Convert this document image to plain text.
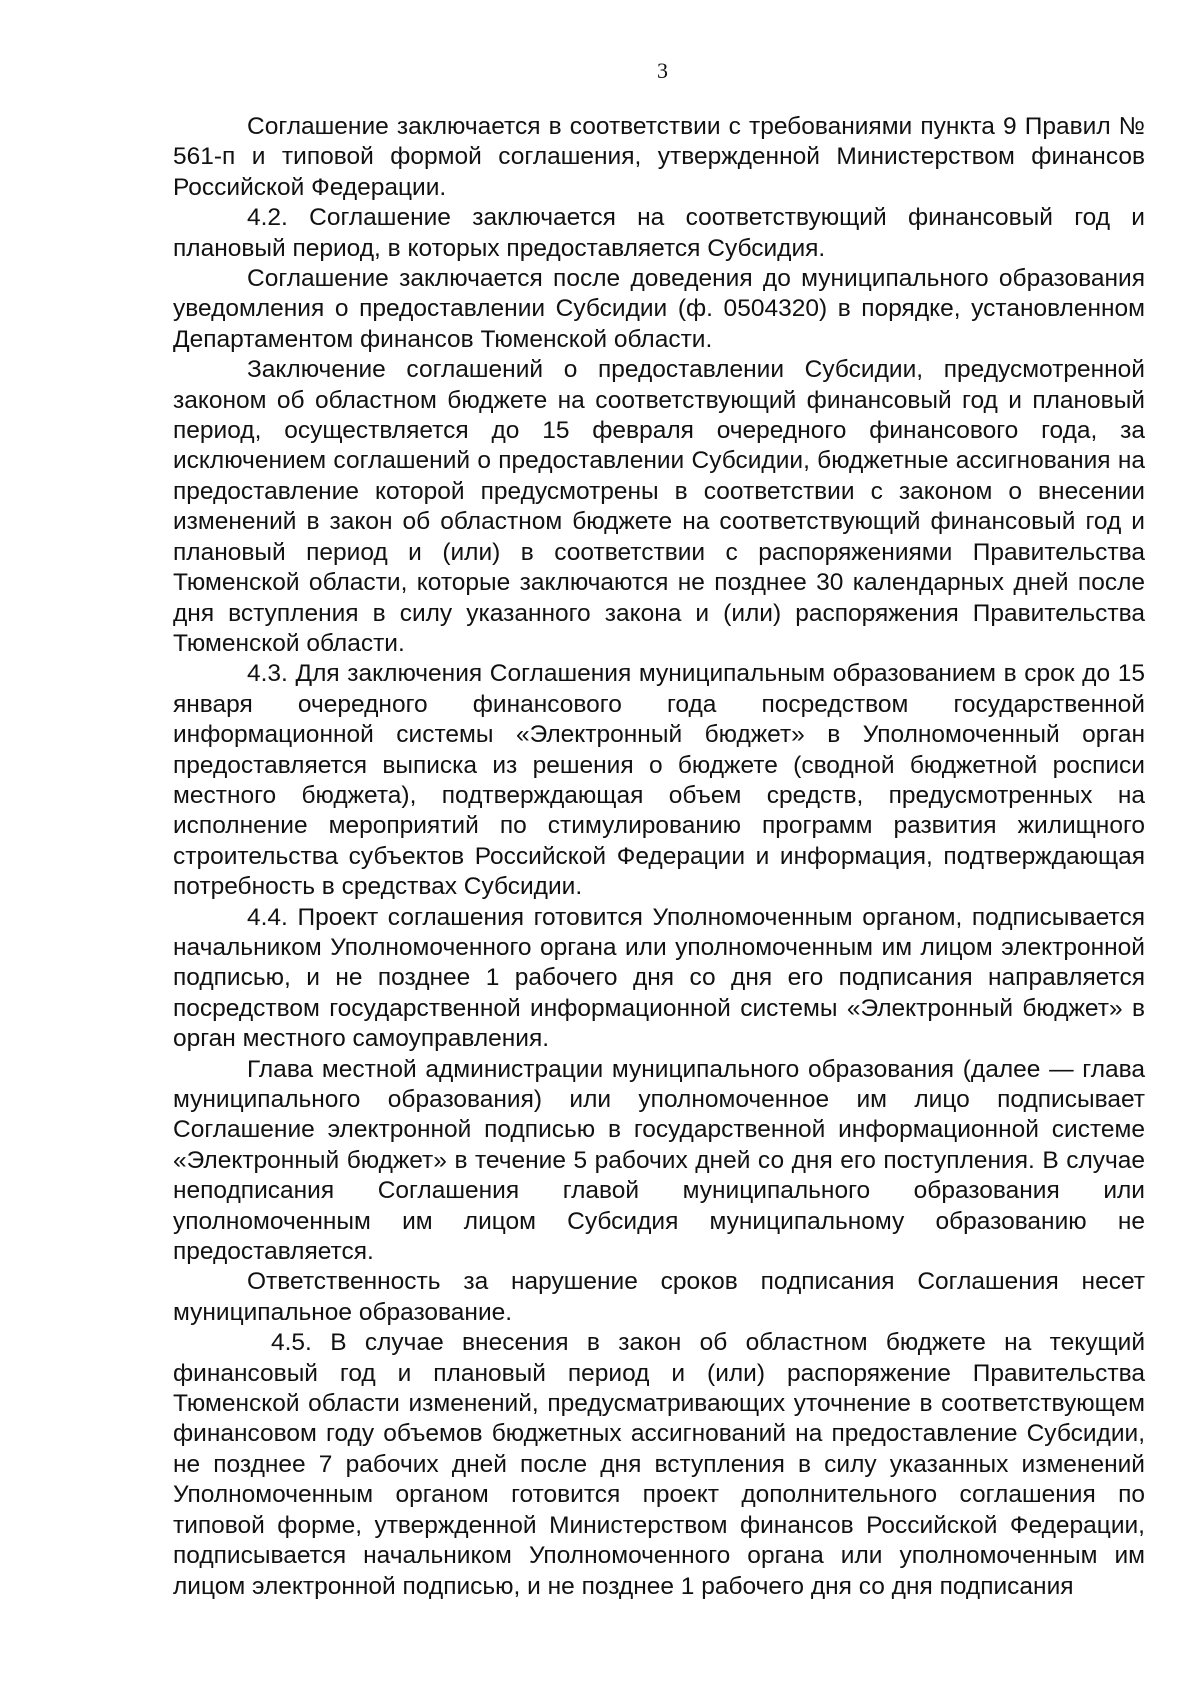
3

Соглашение заключается в соответствии с требованиями пункта 9 Правил № 561-п и типовой формой соглашения, утвержденной Министерством финансов Российской Федерации.

4.2. Соглашение заключается на соответствующий финансовый год и плановый период, в которых предоставляется Субсидия.

Соглашение заключается после доведения до муниципального образования уведомления о предоставлении Субсидии (ф. 0504320) в порядке, установленном Департаментом финансов Тюменской области.

Заключение соглашений о предоставлении Субсидии, предусмотренной законом об областном бюджете на соответствующий финансовый год и плановый период, осуществляется до 15 февраля очередного финансового года, за исключением соглашений о предоставлении Субсидии, бюджетные ассигнования на предоставление которой предусмотрены в соответствии с законом о внесении изменений в закон об областном бюджете на соответствующий финансовый год и плановый период и (или) в соответствии с распоряжениями Правительства Тюменской области, которые заключаются не позднее 30 календарных дней после дня вступления в силу указанного закона и (или) распоряжения Правительства Тюменской области.

4.3. Для заключения Соглашения муниципальным образованием в срок до 15 января очередного финансового года посредством государственной информационной системы «Электронный бюджет» в Уполномоченный орган предоставляется выписка из решения о бюджете (сводной бюджетной росписи местного бюджета), подтверждающая объем средств, предусмотренных на исполнение мероприятий по стимулированию программ развития жилищного строительства субъектов Российской Федерации и информация, подтверждающая потребность в средствах Субсидии.

4.4. Проект соглашения готовится Уполномоченным органом, подписывается начальником Уполномоченного органа или уполномоченным им лицом электронной подписью, и не позднее 1 рабочего дня со дня его подписания направляется посредством государственной информационной системы «Электронный бюджет» в орган местного самоуправления.

Глава местной администрации муниципального образования (далее — глава муниципального образования) или уполномоченное им лицо подписывает Соглашение электронной подписью в государственной информационной системе «Электронный бюджет» в течение 5 рабочих дней со дня его поступления. В случае неподписания Соглашения главой муниципального образования или уполномоченным им лицом Субсидия муниципальному образованию не предоставляется.

Ответственность за нарушение сроков подписания Соглашения несет муниципальное образование.

4.5. В случае внесения в закон об областном бюджете на текущий финансовый год и плановый период и (или) распоряжение Правительства Тюменской области изменений, предусматривающих уточнение в соответствующем финансовом году объемов бюджетных ассигнований на предоставление Субсидии, не позднее 7 рабочих дней после дня вступления в силу указанных изменений Уполномоченным органом готовится проект дополнительного соглашения по типовой форме, утвержденной Министерством финансов Российской Федерации, подписывается начальником Уполномоченного органа или уполномоченным им лицом электронной подписью, и не позднее 1 рабочего дня со дня подписания
